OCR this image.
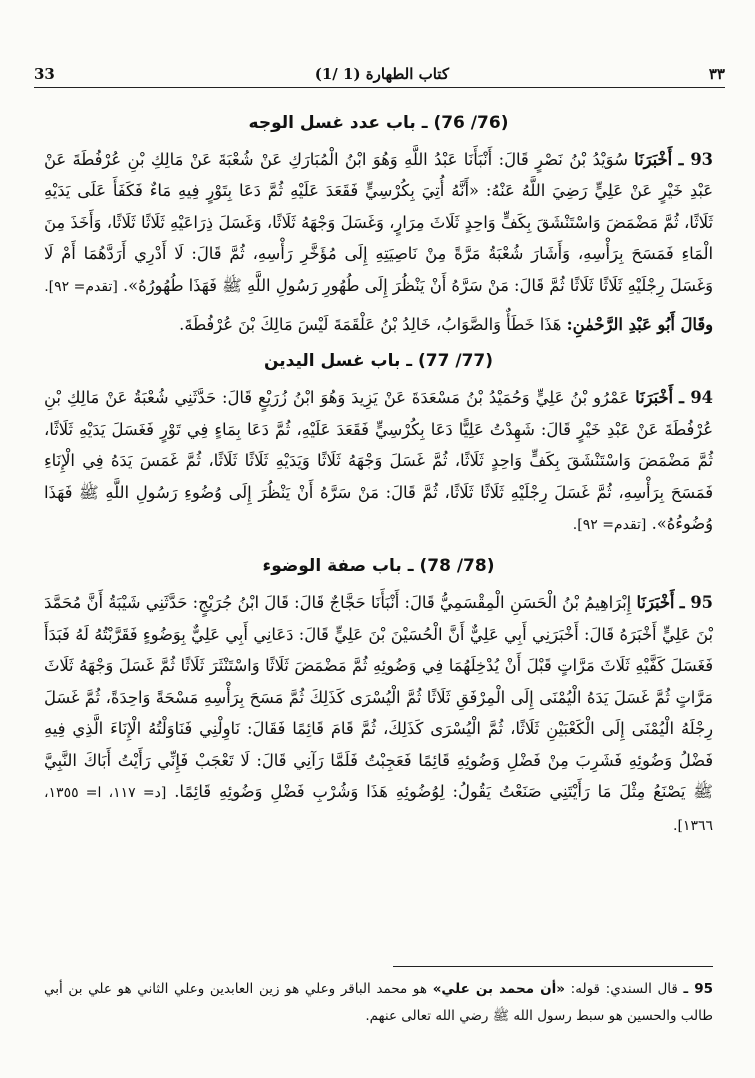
33	(1/ 1) كتاب الطهارة	٣٣
(76/ 76) ـ باب عدد غسل الوجه

93 ـ أَخْبَرَنَا سُوَيْدُ بْنُ نَصْرٍ قَالَ: أَنْبَأَنَا عَبْدُ اللَّهِ وَهُوَ ابْنُ الْمُبَارَكِ عَنْ شُعْبَةَ عَنْ مَالِكِ بْنِ عُرْفُطَةَ عَنْ عَبْدِ خَيْرٍ عَنْ عَلِيٍّ رَضِيَ اللَّهُ عَنْهُ: «أَنَّهُ أُتِيَ بِكُرْسِيٍّ فَقَعَدَ عَلَيْهِ ثُمَّ دَعَا بِتَوْرٍ فِيهِ مَاءٌ فَكَفَأَ عَلَى يَدَيْهِ ثَلَاثًا، ثُمَّ مَضْمَضَ وَاسْتَنْشَقَ بِكَفٍّ وَاحِدٍ ثَلَاثَ مِرَارٍ، وَغَسَلَ وَجْهَهُ ثَلَاثًا، وَغَسَلَ ذِرَاعَيْهِ ثَلَاثًا ثَلَاثًا، وَأَخَذَ مِنَ الْمَاءِ فَمَسَحَ بِرَأْسِهِ، وَأَشَارَ شُعْبَةُ مَرَّةً مِنْ نَاصِيَتِهِ إِلَى مُؤَخَّرِ رَأْسِهِ، ثُمَّ قَالَ: لَا أَدْرِي أَرَدَّهُمَا أَمْ لَا وَغَسَلَ رِجْلَيْهِ ثَلَاثًا ثَلَاثًا ثُمَّ قَالَ: مَنْ سَرَّهُ أَنْ يَنْظُرَ إِلَى طُهُورِ رَسُولِ اللَّهِ ﷺ فَهَذَا طُهُورُهُ». [تقدم= ٩٢].

وقَالَ أَبُو عَبْدِ الرَّحْمٰنِ: هَذَا خَطَأٌ وَالصَّوَابُ، خَالِدُ بْنُ عَلْقَمَةَ لَيْسَ مَالِكَ بْنَ عُرْفُطَةَ.

(77/ 77) ـ باب غسل اليدين

94 ـ أَخْبَرَنَا عَمْرُو بْنُ عَلِيٍّ وَحُمَيْدُ بْنُ مَسْعَدَةَ عَنْ يَزِيدَ وَهُوَ ابْنُ زُرَيْعٍ قَالَ: حَدَّثَنِي شُعْبَةُ عَنْ مَالِكِ بْنِ عُرْفُطَةَ عَنْ عَبْدِ خَيْرٍ قَالَ: شَهِدْتُ عَلِيًّا دَعَا بِكُرْسِيٍّ فَقَعَدَ عَلَيْهِ، ثُمَّ دَعَا بِمَاءٍ فِي تَوْرٍ فَغَسَلَ يَدَيْهِ ثَلَاثًا، ثُمَّ مَضْمَضَ وَاسْتَنْشَقَ بِكَفٍّ وَاحِدٍ ثَلَاثًا، ثُمَّ غَسَلَ وَجْهَهُ ثَلَاثًا وَيَدَيْهِ ثَلَاثًا ثَلَاثًا، ثُمَّ غَمَسَ يَدَهُ فِي الْإِنَاءِ فَمَسَحَ بِرَأْسِهِ، ثُمَّ غَسَلَ رِجْلَيْهِ ثَلَاثًا ثَلَاثًا، ثُمَّ قَالَ: مَنْ سَرَّهُ أَنْ يَنْظُرَ إِلَى وُضُوءِ رَسُولِ اللَّهِ ﷺ فَهَذَا وُضُوءُهُ». [تقدم= ٩٢].

(78/ 78) ـ باب صفة الوضوء

95 ـ أَخْبَرَنَا إِبْرَاهِيمُ بْنُ الْحَسَنِ الْمِقْسَمِيُّ قَالَ: أَنْبَأَنَا حَجَّاجٌ قَالَ: قَالَ ابْنُ جُرَيْجٍ: حَدَّثَنِي شَيْبَةُ أَنَّ مُحَمَّدَ بْنَ عَلِيٍّ أَخْبَرَهُ قَالَ: أَخْبَرَنِي أَبِي عَلِيٌّ أَنَّ الْحُسَيْنَ بْنَ عَلِيٍّ قَالَ: دَعَانِي أَبِي عَلِيٌّ بِوَضُوءٍ فَقَرَّبْتُهُ لَهُ فَبَدَأَ فَغَسَلَ كَفَّيْهِ ثَلَاثَ مَرَّاتٍ قَبْلَ أَنْ يُدْخِلَهُمَا فِي وَضُوئِهِ ثُمَّ مَضْمَضَ ثَلَاثًا وَاسْتَنْثَرَ ثَلَاثًا ثُمَّ غَسَلَ وَجْهَهُ ثَلَاثَ مَرَّاتٍ ثُمَّ غَسَلَ يَدَهُ الْيُمْنَى إِلَى الْمِرْفَقِ ثَلَاثًا ثُمَّ الْيُسْرَى كَذَلِكَ ثُمَّ مَسَحَ بِرَأْسِهِ مَسْحَةً وَاحِدَةً، ثُمَّ غَسَلَ رِجْلَهُ الْيُمْنَى إِلَى الْكَعْبَيْنِ ثَلَاثًا، ثُمَّ الْيُسْرَى كَذَلِكَ، ثُمَّ قَامَ قَائِمًا فَقَالَ: نَاوِلْنِي فَنَاوَلْتُهُ الْإِنَاءَ الَّذِي فِيهِ فَضْلُ وَضُوئِهِ فَشَرِبَ مِنْ فَضْلِ وَضُوئِهِ قَائِمًا فَعَجِبْتُ فَلَمَّا رَآنِي قَالَ: لَا تَعْجَبْ فَإِنِّي رَأَيْتُ أَبَاكَ النَّبِيَّ ﷺ يَصْنَعُ مِثْلَ مَا رَأَيْتَنِي صَنَعْتُ يَقُولُ: لِوُضُوئِهِ هَذَا وَشُرْبِ فَضْلِ وَضُوئِهِ قَائِمًا. [د= ١١٧، ا= ١٣٥٥، ١٣٦٦].

95 ـ قال السندي: قوله: «أن محمد بن علي» هو محمد الباقر وعلي هو زين العابدين وعلي الثاني هو علي بن أبي طالب والحسين هو سبط رسول الله ﷺ رضي الله تعالى عنهم.
